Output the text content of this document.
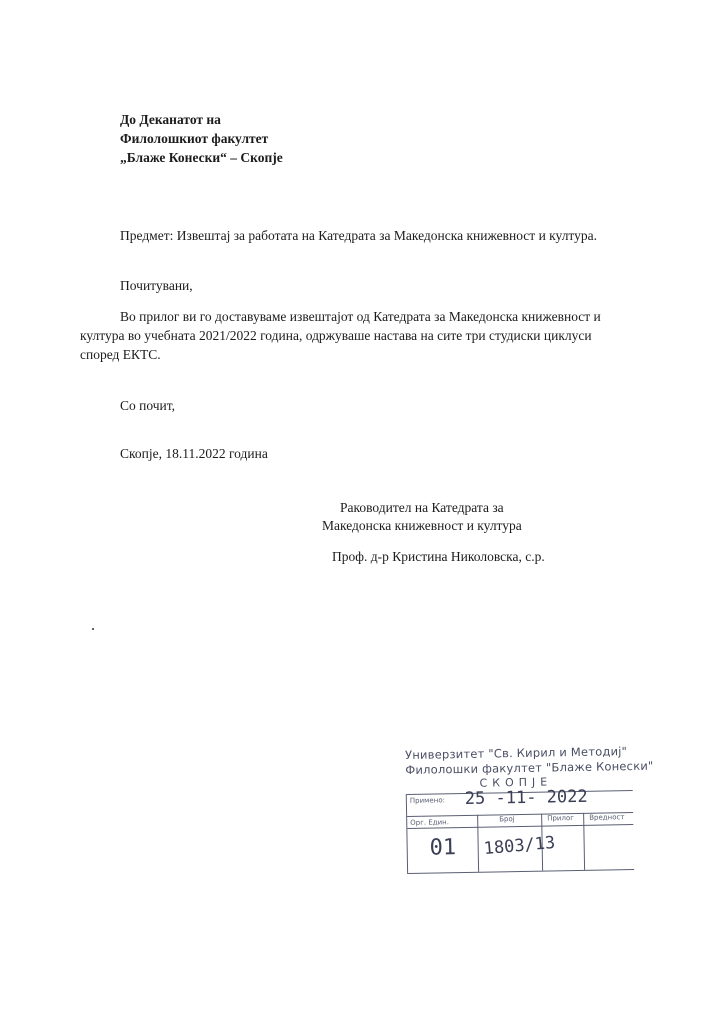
До Деканатот на
Филолошкиот факултет
„Блаже Конески“ – Скопје
Предмет: Извештај за работата на Катедрата за Македонска книжевност и култура.
Почитувани,
Во прилог ви го доставуваме извештајот од Катедрата за Македонска книжевност и култура во учебната 2021/2022 година, одржуваше настава на сите три студиски циклуси според ЕКТС.
Со почит,
Скопје, 18.11.2022 година
Раководител на Катедрата за
Македонска книжевност и култура
Проф. д-р Кристина Николовска, с.р.
Универзитет "Св. Кирил и Методиј"
Филолошки факултет "Блаже Конески"
СКОПЈЕ
Примено: 25 -11- 2022
Орг. Един.	Број	Прилог Вредност
01 1803/13
